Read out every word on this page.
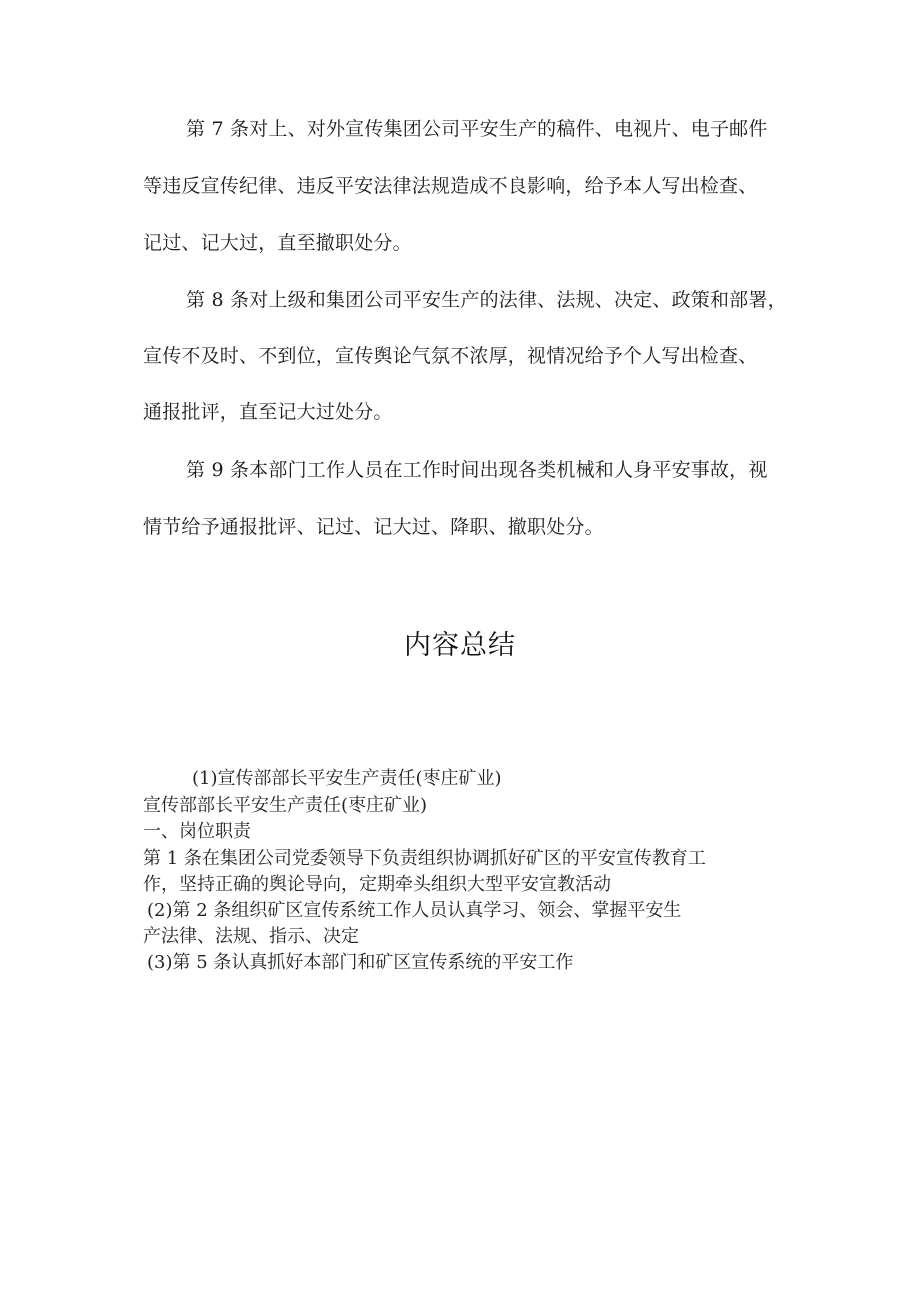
第 7 条对上、对外宣传集团公司平安生产的稿件、电视片、电子邮件
等违反宣传纪律、违反平安法律法规造成不良影响，给予本人写出检查、
记过、记大过，直至撤职处分。
第 8 条对上级和集团公司平安生产的法律、法规、决定、政策和部署，
宣传不及时、不到位，宣传舆论气氛不浓厚，视情况给予个人写出检查、
通报批评，直至记大过处分。
第 9 条本部门工作人员在工作时间出现各类机械和人身平安事故，视
情节给予通报批评、记过、记大过、降职、撤职处分。
内容总结
(1)宣传部部长平安生产责任(枣庄矿业)
宣传部部长平安生产责任(枣庄矿业)
一、岗位职责
第 1 条在集团公司党委领导下负责组织协调抓好矿区的平安宣传教育工
作，坚持正确的舆论导向，定期牵头组织大型平安宣教活动
(2)第 2 条组织矿区宣传系统工作人员认真学习、领会、掌握平安生
产法律、法规、指示、决定
(3)第 5 条认真抓好本部门和矿区宣传系统的平安工作
